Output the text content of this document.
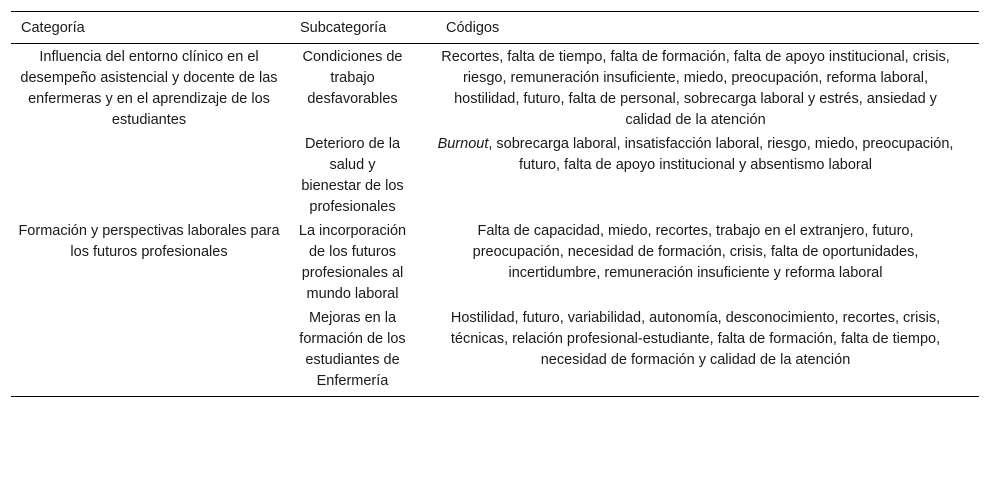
Categoría	Subcategoría	Códigos
Influencia del entorno clínico en el desempeño asistencial y docente de las enfermeras y en el aprendizaje de los estudiantes	Condiciones de trabajo desfavorables	Recortes, falta de tiempo, falta de formación, falta de apoyo institucional, crisis, riesgo, remuneración insuficiente, miedo, preocupación, reforma laboral, hostilidad, futuro, falta de personal, sobrecarga laboral y estrés, ansiedad y calidad de la atención
	Deterioro de la salud y bienestar de los profesionales	Burnout, sobrecarga laboral, insatisfacción laboral, riesgo, miedo, preocupación, futuro, falta de apoyo institucional y absentismo laboral
Formación y perspectivas laborales para los futuros profesionales	La incorporación de los futuros profesionales al mundo laboral	Falta de capacidad, miedo, recortes, trabajo en el extranjero, futuro, preocupación, necesidad de formación, crisis, falta de oportunidades, incertidumbre, remuneración insuficiente y reforma laboral
	Mejoras en la formación de los estudiantes de Enfermería	Hostilidad, futuro, variabilidad, autonomía, desconocimiento, recortes, crisis, técnicas, relación profesional-estudiante, falta de formación, falta de tiempo, necesidad de formación y calidad de la atención
